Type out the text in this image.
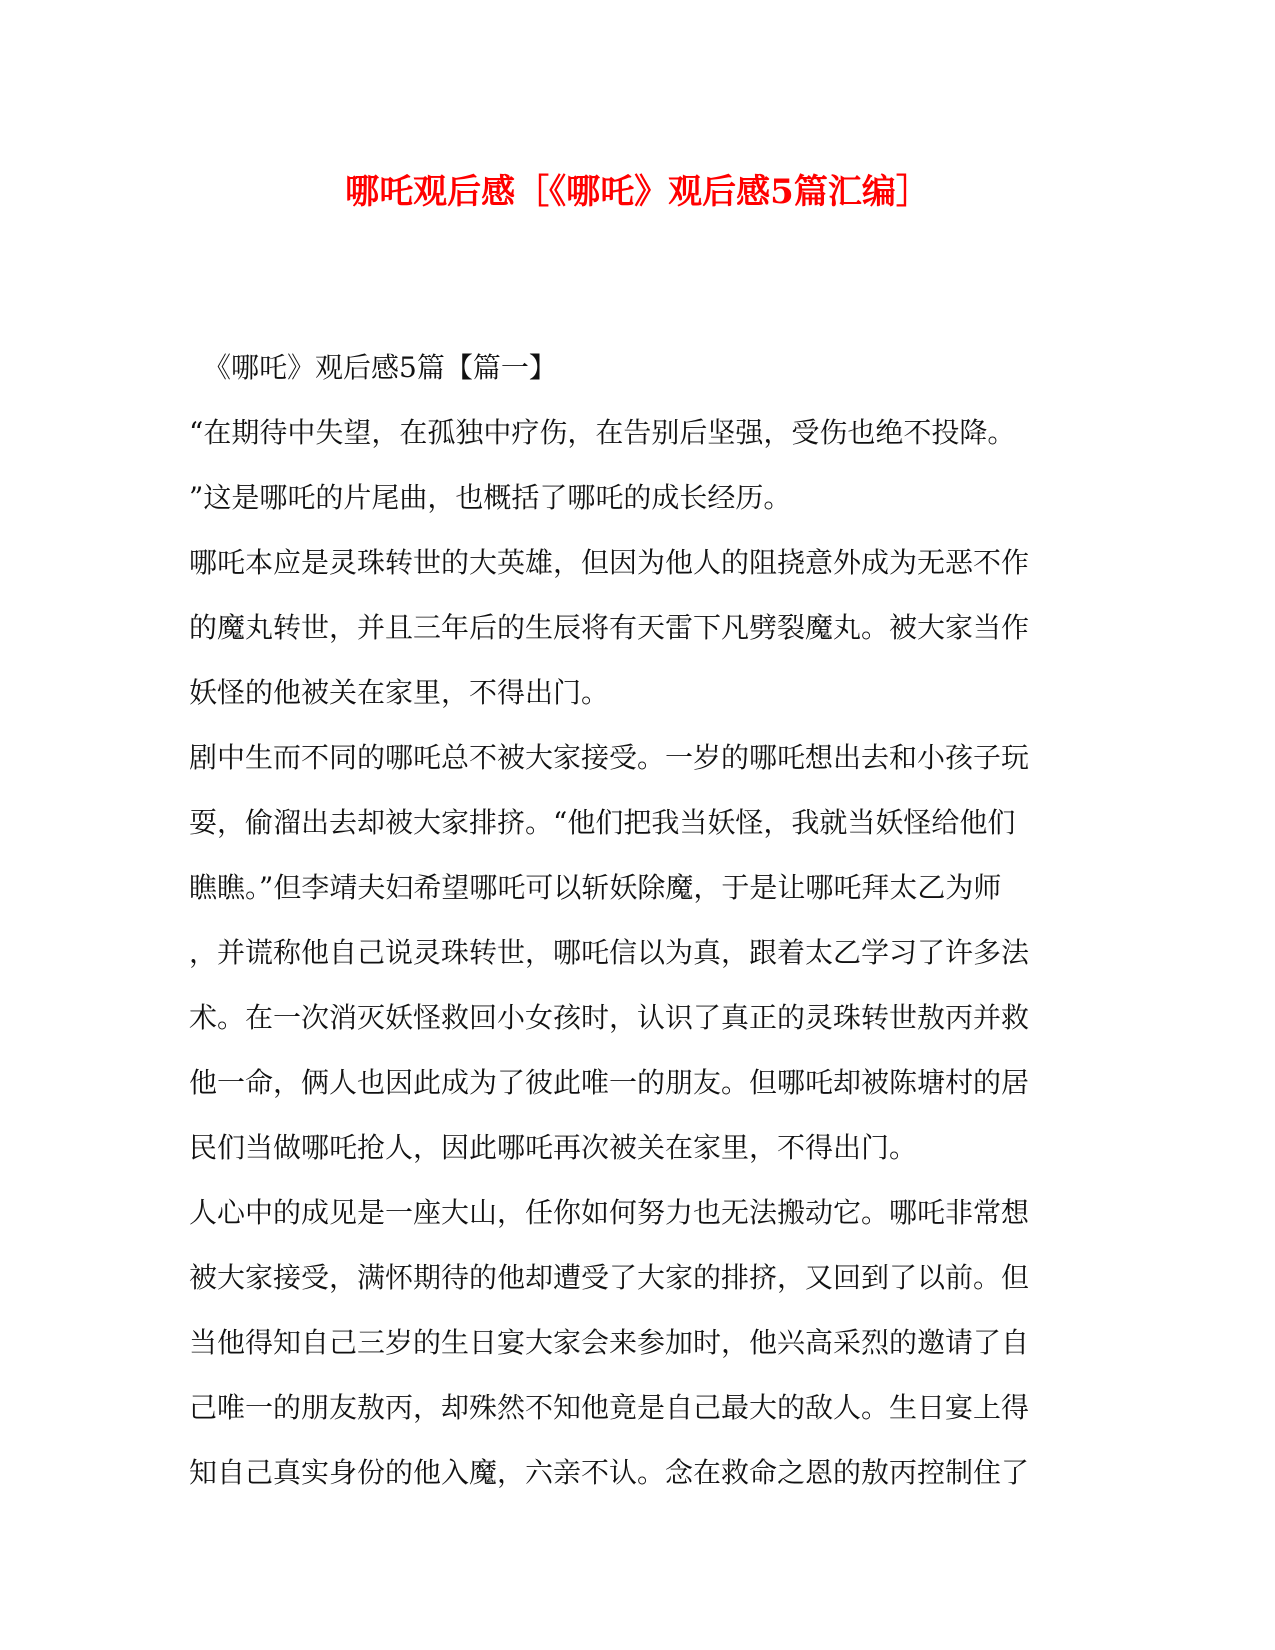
哪吒观后感［《哪吒》观后感5篇汇编］
《哪吒》观后感5篇【篇一】
“在期待中失望，在孤独中疗伤，在告别后坚强，受伤也绝不投降。
”这是哪吒的片尾曲，也概括了哪吒的成长经历。
哪吒本应是灵珠转世的大英雄，但因为他人的阻挠意外成为无恶不作
的魔丸转世，并且三年后的生辰将有天雷下凡劈裂魔丸。被大家当作
妖怪的他被关在家里，不得出门。
剧中生而不同的哪吒总不被大家接受。一岁的哪吒想出去和小孩子玩
耍，偷溜出去却被大家排挤。“他们把我当妖怪，我就当妖怪给他们
瞧瞧。”但李靖夫妇希望哪吒可以斩妖除魔，于是让哪吒拜太乙为师
，并谎称他自己说灵珠转世，哪吒信以为真，跟着太乙学习了许多法
术。在一次消灭妖怪救回小女孩时，认识了真正的灵珠转世敖丙并救
他一命，俩人也因此成为了彼此唯一的朋友。但哪吒却被陈塘村的居
民们当做哪吒抢人，因此哪吒再次被关在家里，不得出门。
人心中的成见是一座大山，任你如何努力也无法搬动它。哪吒非常想
被大家接受，满怀期待的他却遭受了大家的排挤，又回到了以前。但
当他得知自己三岁的生日宴大家会来参加时，他兴高采烈的邀请了自
己唯一的朋友敖丙，却殊然不知他竟是自己最大的敌人。生日宴上得
知自己真实身份的他入魔，六亲不认。念在救命之恩的敖丙控制住了
